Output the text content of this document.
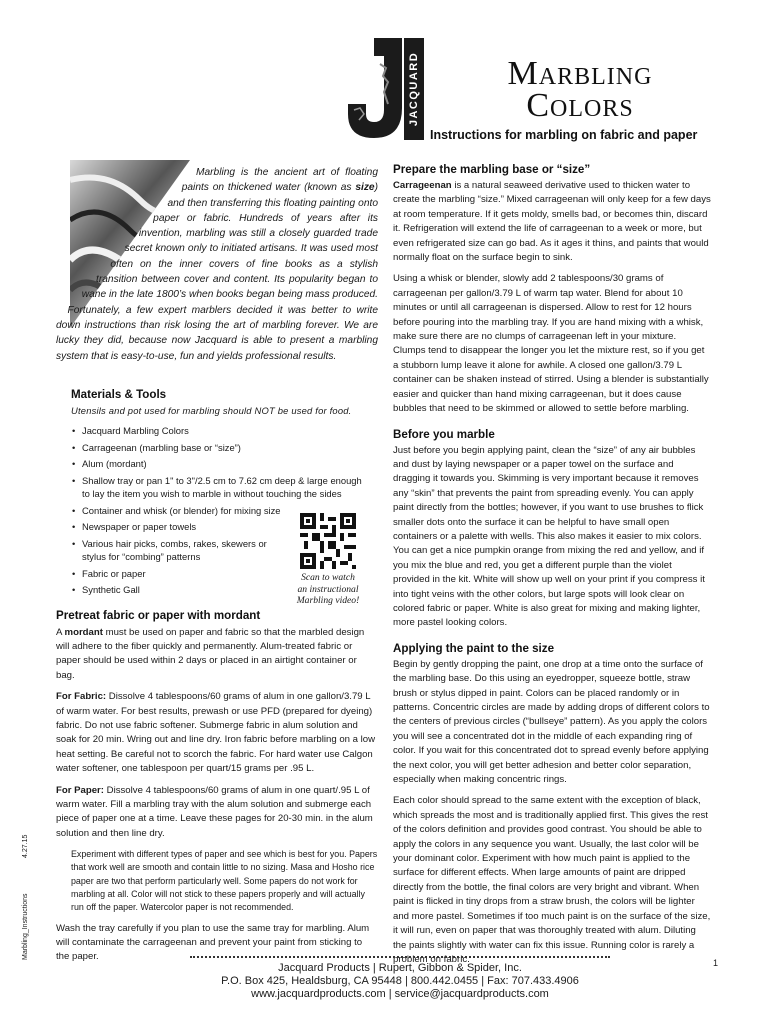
JACQUARD	Marbling
Colors

Instructions for marbling on fabric and paper

Marbling is the ancient art of floating paints on thickened water (known as size) and then transferring this floating painting onto paper or fabric. Hundreds of years after its invention, marbling was still a closely guarded trade secret known only to initiated artisans. It was used most often on the inner covers of fine books as a stylish transition between cover and content. Its popularity began to wane in the late 1800’s when books began being mass produced. Fortunately, a few expert marblers decided it was better to write down instructions than risk losing the art of marbling forever. We are lucky they did, because now Jacquard is able to present a marbling system that is easy-to-use, fun and yields professional results.

Materials & Tools

Utensils and pot used for marbling should NOT be used for food.

• Jacquard Marbling Colors
• Carrageenan (marbling base or “size”)
• Alum (mordant)
• Shallow tray or pan 1" to 3"/2.5 cm to 7.62 cm deep & large enough to lay the item you wish to marble in without touching the sides
• Container and whisk (or blender) for mixing size
• Newspaper or paper towels
• Various hair picks, combs, rakes, skewers or stylus for “combing” patterns
• Fabric or paper
• Synthetic Gall
Pretreat fabric or paper with mordant

A mordant must be used on paper and fabric so that the marbled design will adhere to the fiber quickly and permanently. Alum-treated fabric or paper should be used within 2 days or placed in an airtight container or bag.

For Fabric: Dissolve 4 tablespoons/60 grams of alum in one gallon/3.79 L of warm water. For best results, prewash or use PFD (prepared for dyeing) fabric. Do not use fabric softener. Submerge fabric in alum solution and soak for 20 min. Wring out and line dry. Iron fabric before marbling on a low heat setting. Be careful not to scorch the fabric. For hard water use Calgon water softener, one tablespoon per quart/15 grams per .95 L.

For Paper: Dissolve 4 tablespoons/60 grams of alum in one quart/.95 L of warm water. Fill a marbling tray with the alum solution and submerge each piece of paper one at a time. Leave these pages for 20-30 min. in the alum solution and then line dry.

Experiment with different types of paper and see which is best for you. Papers that work well are smooth and contain little to no sizing. Masa and Hosho rice paper are two that perform particularly well. Some papers do not work for marbling at all. Color will not stick to these papers properly and will actually run off the paper. Watercolor paper is not recommended.

Wash the tray carefully if you plan to use the same tray for marbling. Alum will contaminate the carrageenan and prevent your paint from sticking to the paper.

Scan to watch
an instructional
Marbling video!

Prepare the marbling base or “size”

Carrageenan is a natural seaweed derivative used to thicken water to create the marbling “size.” Mixed carrageenan will only keep for a few days at room temperature. If it gets moldy, smells bad, or becomes thin, discard it. Refrigeration will extend the life of carrageenan to a week or more, but even refrigerated size can go bad. As it ages it thins, and paints that would normally float on the surface begin to sink.

Using a whisk or blender, slowly add 2 tablespoons/30 grams of carrageenan per gallon/3.79 L of warm tap water. Blend for about 10 minutes or until all carrageenan is dispersed. Allow to rest for 12 hours before pouring into the marbling tray. If you are hand mixing with a whisk, make sure there are no clumps of carrageenan left in your mixture. Clumps tend to disappear the longer you let the mixture rest, so if you get a stubborn lump leave it alone for awhile. A closed one gallon/3.79 L container can be shaken instead of stirred. Using a blender is substantially easier and quicker than hand mixing carrageenan, but it does cause bubbles that need to be skimmed or allowed to settle before marbling.

Before you marble

Just before you begin applying paint, clean the “size” of any air bubbles and dust by laying newspaper or a paper towel on the surface and dragging it towards you. Skimming is very important because it removes any “skin” that prevents the paint from spreading evenly. You can apply paint directly from the bottles; however, if you want to use brushes to flick smaller dots onto the surface it can be helpful to have small open containers or a palette with wells. This also makes it easier to mix colors. You can get a nice pumpkin orange from mixing the red and yellow, and if you mix the blue and red, you get a different purple than the violet provided in the kit. White will show up well on your print if you compress it into tight veins with the other colors, but large spots will look clear on colored fabric or paper. White is also great for mixing and making lighter, more pastel looking colors.

Applying the paint to the size

Begin by gently dropping the paint, one drop at a time onto the surface of the marbling base. Do this using an eyedropper, squeeze bottle, straw brush or stylus dipped in paint. Colors can be placed randomly or in patterns. Concentric circles are made by adding drops of different colors to the centers of previous circles (“bullseye” pattern). As you apply the colors you will see a concentrated dot in the middle of each expanding ring of color. If you wait for this concentrated dot to spread evenly before applying the next color, you will get better adhesion and better color separation, especially when making concentric rings.

Each color should spread to the same extent with the exception of black, which spreads the most and is traditionally applied first. This gives the rest of the colors definition and provides good contrast. You should be able to apply the colors in any sequence you want. Usually, the last color will be your dominant color. Experiment with how much paint is applied to the surface for different effects. When large amounts of paint are dripped directly from the bottle, the final colors are very bright and vibrant. When paint is flicked in tiny drops from a straw brush, the colors will be lighter and more pastel. Sometimes if too much paint is on the surface of the size, it will run, even on paper that was thoroughly treated with alum. Diluting the paints slightly with water can fix this issue. Running color is rarely a problem on fabric.

4.27.15

Marbling_Instructions

Jacquard Products | Rupert, Gibbon & Spider, Inc.

P.O. Box 425, Healdsburg, CA 95448 | 800.442.0455 | Fax: 707.433.4906

www.jacquardproducts.com | service@jacquardproducts.com

1
